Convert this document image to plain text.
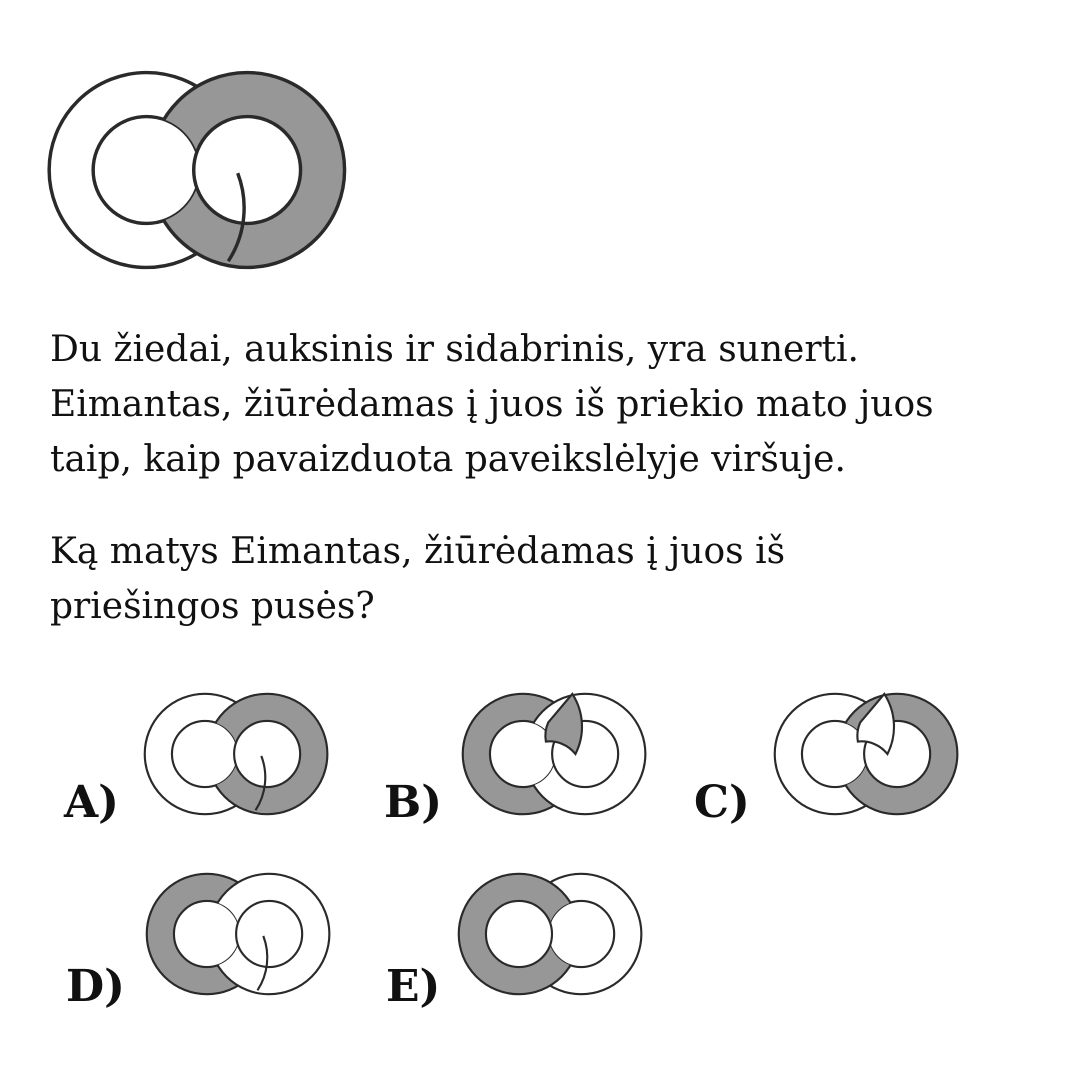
Du žiedai, auksinis ir sidabrinis, yra sunerti.
Eimantas, žiūrėdamas į juos iš priekio mato juos
taip, kaip pavaizduota paveikslėlyje viršuje.

Ką matys Eimantas, žiūrėdamas į juos iš
priešingos pusės?

A)	B)	C)
D)	E)
